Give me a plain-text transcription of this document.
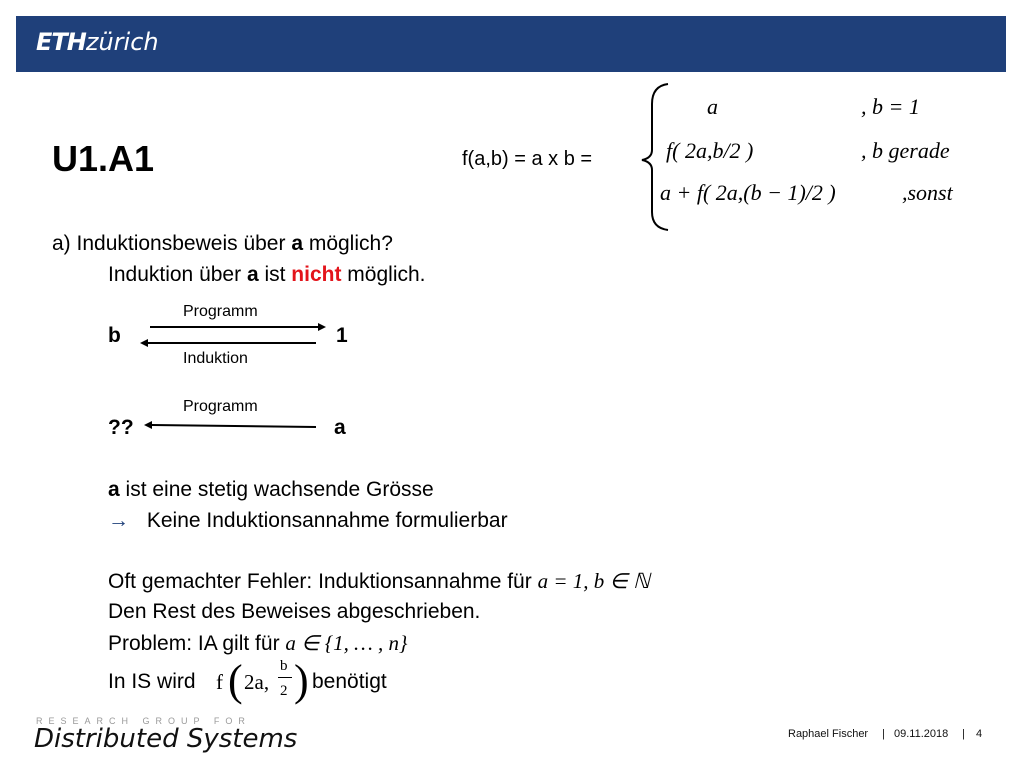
ETHzürich
U1.A1	f(a,b) = a x b =
a	, b = 1
f( 2a,b/2 )	, b gerade
a + f( 2a,(b − 1)/2 )	,sonst
a) Induktionsbeweis über a möglich?
Induktion über a ist nicht möglich.
Programm
b	1
Induktion
Programm
??	a
a ist eine stetig wachsende Grösse
→ Keine Induktionsannahme formulierbar
Oft gemachter Fehler: Induktionsannahme für a = 1, b ∈ ℕ
Den Rest des Beweises abgeschrieben.
Problem: IA gilt für a ∈ {1, … , n}
In IS wird f ( 2a,
b
2 ) benötigt
RESEARCH GROUP FOR
Distributed Systems	Raphael Fischer | 09.11.2018 | 4
